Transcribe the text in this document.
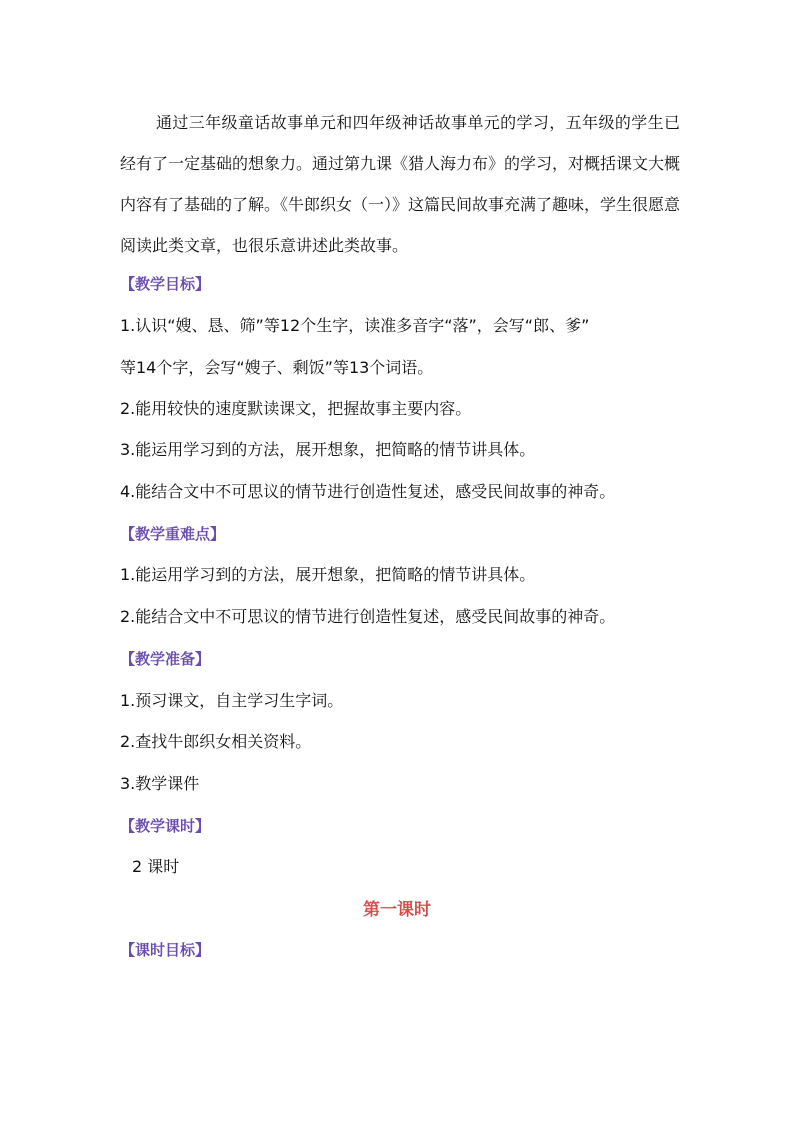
通过三年级童话故事单元和四年级神话故事单元的学习，五年级的学生已经有了一定基础的想象力。通过第九课《猎人海力布》的学习，对概括课文大概内容有了基础的了解。《牛郎织女（一）》这篇民间故事充满了趣味，学生很愿意阅读此类文章，也很乐意讲述此类故事。

【教学目标】

1.认识“嫂、恳、筛”等12个生字，读准多音字“落”，会写“郎、爹”

等14个字，会写“嫂子、剩饭”等13个词语。

2.能用较快的速度默读课文，把握故事主要内容。

3.能运用学习到的方法，展开想象，把简略的情节讲具体。

4.能结合文中不可思议的情节进行创造性复述，感受民间故事的神奇。

【教学重难点】

1.能运用学习到的方法，展开想象，把简略的情节讲具体。

2.能结合文中不可思议的情节进行创造性复述，感受民间故事的神奇。

【教学准备】

1.预习课文，自主学习生字词。

2.查找牛郎织女相关资料。

3.教学课件

【教学课时】

2 课时

第一课时

【课时目标】
